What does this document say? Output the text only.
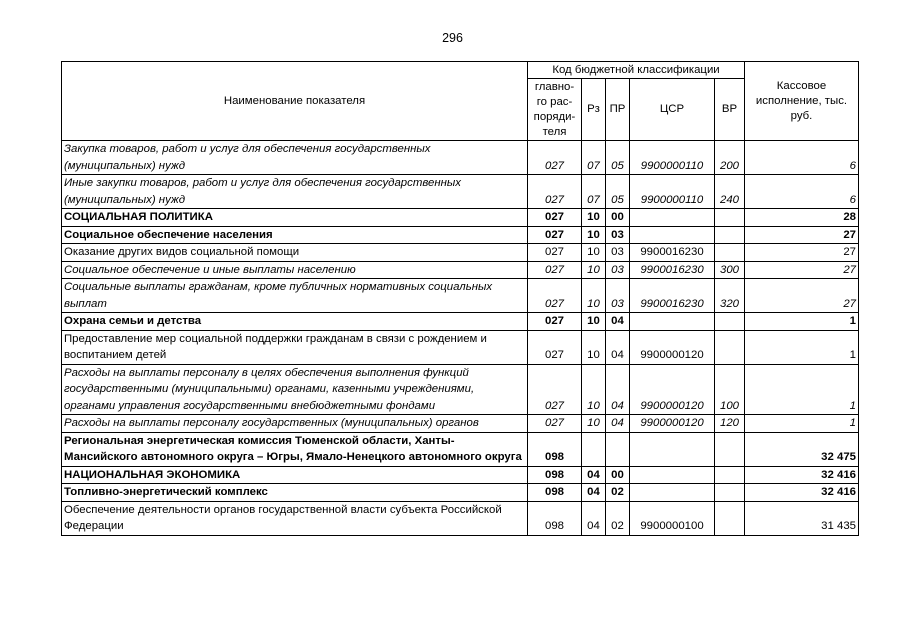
296
Наименование показателя	Код бюджетной классификации					Кассовое исполнение, тыс. руб.
	главно-го рас-поряди-теля	Рз	ПР	ЦСР	ВР	
Закупка товаров, работ и услуг для обеспечения государственных (муниципальных) нужд	027	07	05	9900000110	200	6
Иные закупки товаров, работ и услуг для обеспечения государственных (муниципальных) нужд	027	07	05	9900000110	240	6
СОЦИАЛЬНАЯ ПОЛИТИКА	027	10	00			28
Социальное обеспечение населения	027	10	03			27
Оказание других видов социальной помощи	027	10	03	9900016230		27
Социальное обеспечение и иные выплаты населению	027	10	03	9900016230	300	27
Социальные выплаты гражданам, кроме публичных нормативных социальных выплат	027	10	03	9900016230	320	27
Охрана семьи и детства	027	10	04			1
Предоставление мер социальной поддержки гражданам в связи с рождением и воспитанием детей	027	10	04	9900000120		1
Расходы на выплаты персоналу в целях обеспечения выполнения функций государственными (муниципальными) органами, казенными учреждениями, органами управления государственными внебюджетными фондами	027	10	04	9900000120	100	1
Расходы на выплаты персоналу государственных (муниципальных) органов	027	10	04	9900000120	120	1
Региональная энергетическая комиссия Тюменской области, Ханты-Мансийского автономного округа – Югры, Ямало-Ненецкого автономного округа	098					32 475
НАЦИОНАЛЬНАЯ ЭКОНОМИКА	098	04	00			32 416
Топливно-энергетический комплекс	098	04	02			32 416
Обеспечение деятельности органов государственной власти субъекта Российской Федерации	098	04	02	9900000100		31 435
